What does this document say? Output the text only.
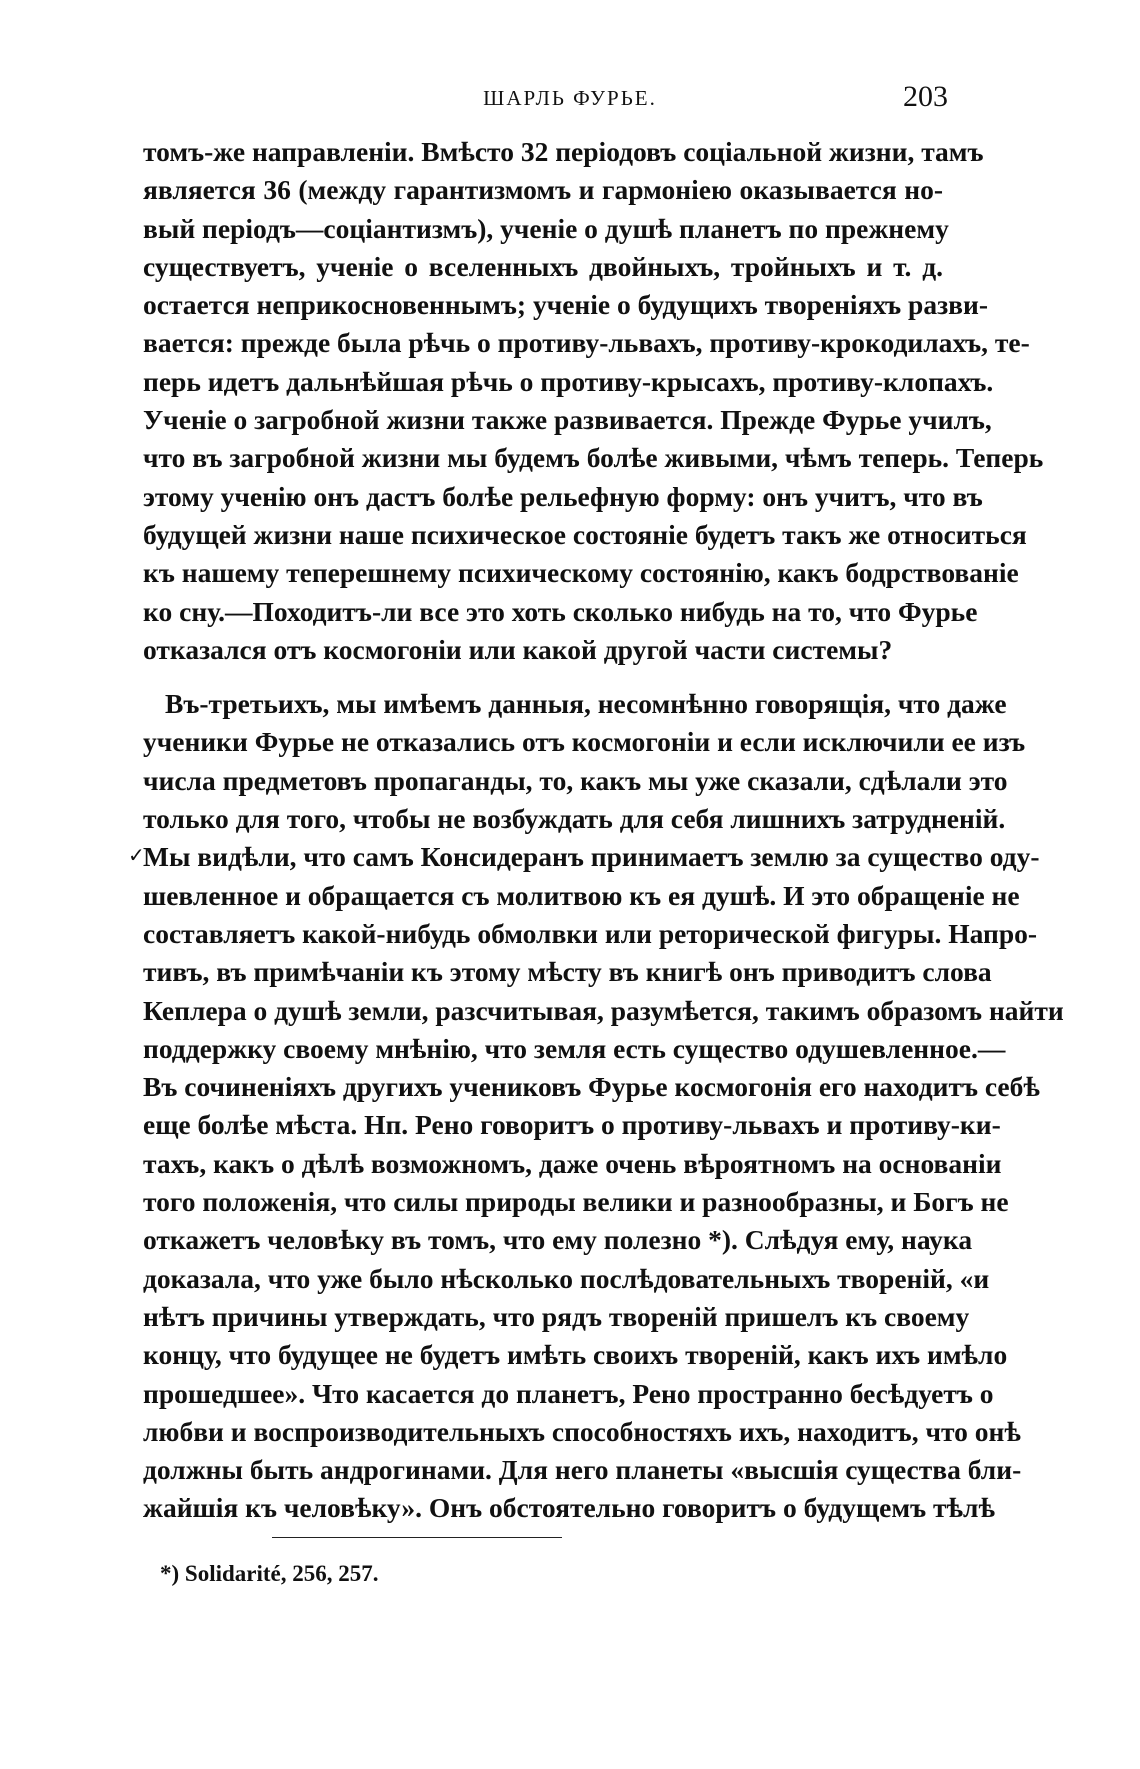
ШАРЛЬ ФУРЬЕ.	203
томъ-же направленіи. Вмѣсто 32 періодовъ соціальной жизни, тамъ
является 36 (между гарантизмомъ и гармоніею оказывается но-
вый періодъ—соціантизмъ), ученіе о душѣ планетъ по прежнему
существуетъ, ученіе о вселенныхъ двойныхъ, тройныхъ и т. д.
остается неприкосновеннымъ; ученіе о будущихъ твореніяхъ разви-
вается: прежде была рѣчь о противу-львахъ, противу-крокодилахъ, те-
перь идетъ дальнѣйшая рѣчь о противу-крысахъ, противу-клопахъ.
Ученіе о загробной жизни также развивается. Прежде Фурье училъ,
что въ загробной жизни мы будемъ болѣе живыми, чѣмъ теперь. Теперь
этому ученію онъ дастъ болѣе рельефную форму: онъ учитъ, что въ
будущей жизни наше психическое состояніе будетъ такъ же относиться
къ нашему теперешнему психическому состоянію, какъ бодрствованіе
ко сну.—Походитъ-ли все это хоть сколько нибудь на то, что Фурье
отказался отъ космогоніи или какой другой части системы?
Въ-третьихъ, мы имѣемъ данныя, несомнѣнно говорящія, что даже
ученики Фурье не отказались отъ космогоніи и если исключили ее изъ
числа предметовъ пропаганды, то, какъ мы уже сказали, сдѣлали это
только для того, чтобы не возбуждать для себя лишнихъ затрудненій.
Мы видѣли, что самъ Консидеранъ принимаетъ землю за существо оду-
шевленное и обращается съ молитвою къ ея душѣ. И это обращеніе не
составляетъ какой-нибудь обмолвки или реторической фигуры. Напро-
тивъ, въ примѣчаніи къ этому мѣсту въ книгѣ онъ приводитъ слова
Кеплера о душѣ земли, разсчитывая, разумѣется, такимъ образомъ найти
поддержку своему мнѣнію, что земля есть существо одушевленное.—
Въ сочиненіяхъ другихъ учениковъ Фурье космогонія его находитъ себѣ
еще болѣе мѣста. Нп. Рено говоритъ о противу-львахъ и противу-ки-
тахъ, какъ о дѣлѣ возможномъ, даже очень вѣроятномъ на основаніи
того положенія, что силы природы велики и разнообразны, и Богъ не
откажетъ человѣку въ томъ, что ему полезно *). Слѣдуя ему, наука
доказала, что уже было нѣсколько послѣдовательныхъ твореній, «и
нѣтъ причины утверждать, что рядъ твореній пришелъ къ своему
концу, что будущее не будетъ имѣть своихъ твореній, какъ ихъ имѣло
прошедшее». Что касается до планетъ, Рено пространно бесѣдуетъ о
любви и воспроизводительныхъ способностяхъ ихъ, находитъ, что онѣ
должны быть андрогинами. Для него планеты «высшія существа бли-
жайшія къ человѣку». Онъ обстоятельно говоритъ о будущемъ тѣлѣ
✓
*) Solidarité, 256, 257.
